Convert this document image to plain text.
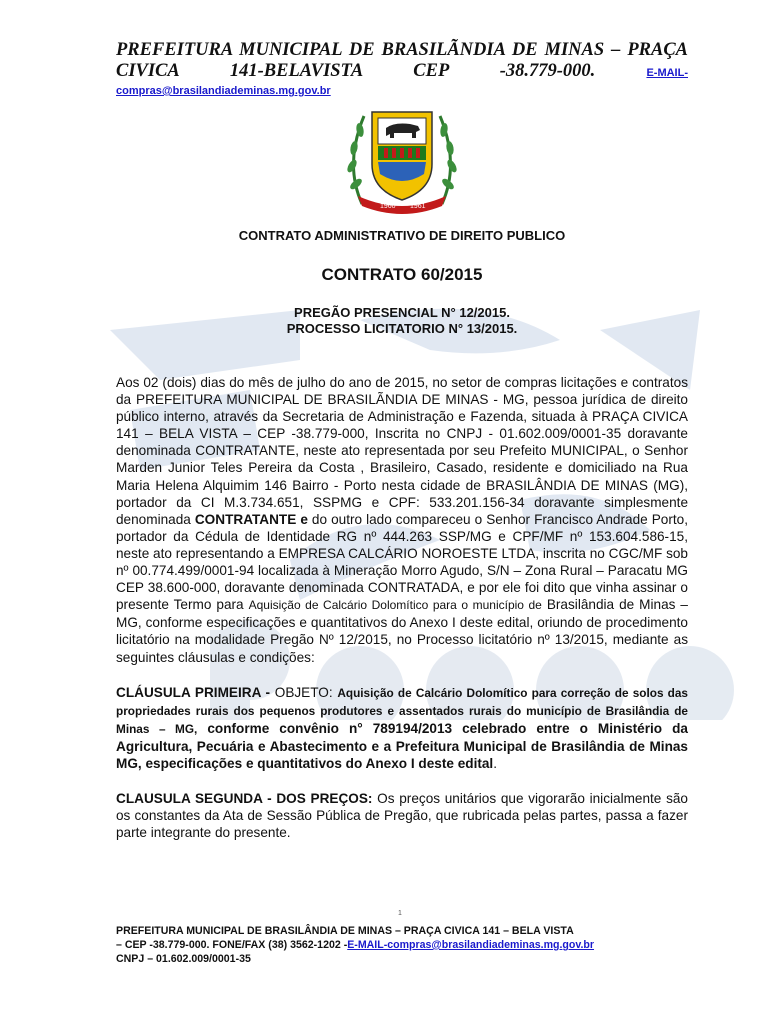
PREFEITURA MUNICIPAL DE BRASILÃNDIA DE MINAS – PRAÇA
CIVICA 141-BELAVISTA CEP -38.779-000.	E-MAIL-
compras@brasilandiademinas.mg.gov.br
1960 1961
CONTRATO ADMINISTRATIVO DE DIREITO PUBLICO
CONTRATO 60/2015
PREGÃO PRESENCIAL N° 12/2015.
PROCESSO LICITATORIO N° 13/2015.
Aos 02 (dois) dias do mês de julho do ano de 2015, no setor de compras licitações e contratos da PREFEITURA MUNICIPAL DE BRASILÃNDIA DE MINAS - MG, pessoa jurídica de direito público interno, através da Secretaria de Administração e Fazenda, situada à PRAÇA CIVICA 141 – BELA VISTA – CEP -38.779-000, Inscrita no CNPJ - 01.602.009/0001-35 doravante denominada CONTRATANTE, neste ato representada por seu Prefeito MUNICIPAL, o Senhor Marden Junior Teles Pereira da Costa , Brasileiro, Casado, residente e domiciliado na Rua Maria Helena Alquimim 146 Bairro - Porto nesta cidade de BRASILÂNDIA DE MINAS (MG), portador da CI M.3.734.651, SSPMG e CPF: 533.201.156-34 doravante simplesmente denominada CONTRATANTE e do outro lado compareceu o Senhor Francisco Andrade Porto, portador da Cédula de Identidade RG nº 444.263 SSP/MG e CPF/MF nº 153.604.586-15, neste ato representando a EMPRESA CALCÁRIO NOROESTE LTDA, inscrita no CGC/MF sob nº 00.774.499/0001-94 localizada à Mineração Morro Agudo, S/N – Zona Rural – Paracatu MG CEP 38.600-000, doravante denominada CONTRATADA, e por ele foi dito que vinha assinar o presente Termo para Aquisição de Calcário Dolomítico para o município de Brasilândia de Minas – MG, conforme especificações e quantitativos do Anexo I deste edital, oriundo de procedimento licitatório na modalidade Pregão Nº 12/2015, no Processo licitatório nº 13/2015, mediante as seguintes cláusulas e condições:
CLÁUSULA PRIMEIRA - OBJETO: Aquisição de Calcário Dolomítico para correção de solos das propriedades rurais dos pequenos produtores e assentados rurais do município de Brasilândia de Minas – MG, conforme convênio n° 789194/2013 celebrado entre o Ministério da Agricultura, Pecuária e Abastecimento e a Prefeitura Municipal de Brasilândia de Minas MG, especificações e quantitativos do Anexo I deste edital.
CLAUSULA SEGUNDA - DOS PREÇOS: Os preços unitários que vigorarão inicialmente são os constantes da Ata de Sessão Pública de Pregão, que rubricada pelas partes, passa a fazer parte integrante do presente.
1
PREFEITURA MUNICIPAL DE BRASILÂNDIA DE MINAS – PRAÇA CIVICA 141 – BELA VISTA
– CEP -38.779-000. FONE/FAX (38) 3562-1202 -E-MAIL-compras@brasilandiademinas.mg.gov.br
CNPJ – 01.602.009/0001-35
